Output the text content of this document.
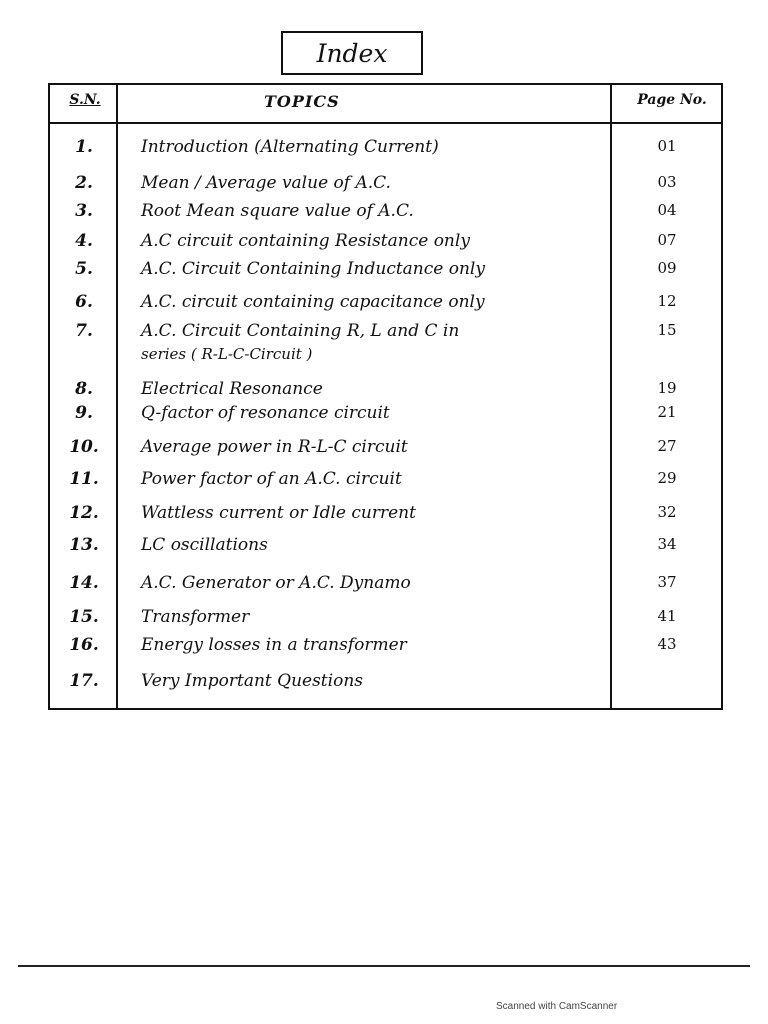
Index
S.N.	TOPICS	Page No.
1.	Introduction (Alternating Current)	01
2.	Mean / Average value of A.C.	03
3.	Root Mean square value of A.C.	04
4.	A.C circuit containing Resistance only	07
5.	A.C. Circuit Containing Inductance only	09
6.	A.C. circuit containing capacitance only	12
7.	A.C. Circuit Containing R, L and C in	15
series ( R-L-C-Circuit )
8.	Electrical Resonance	19
9.	Q-factor of resonance circuit	21
10.	Average power in R-L-C circuit	27
11.	Power factor of an A.C. circuit	29
12.	Wattless current or Idle current	32
13.	LC oscillations	34
14.	A.C. Generator or A.C. Dynamo	37
15.	Transformer	41
16.	Energy losses in a transformer	43
17.	Very Important Questions
Scanned with CamScanner
